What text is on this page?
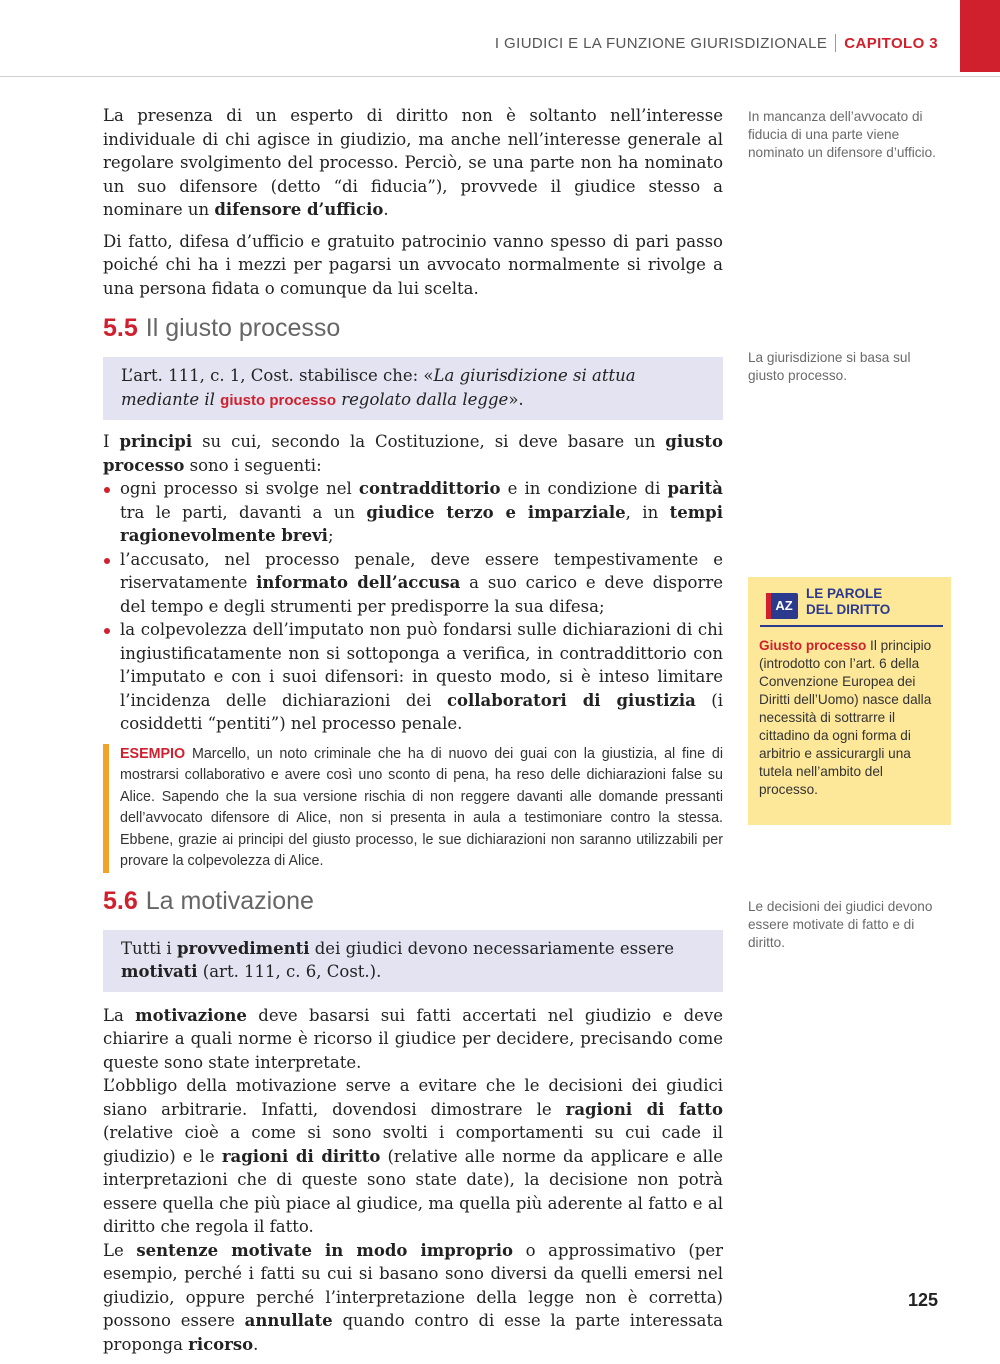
I GIUDICI E LA FUNZIONE GIURISDIZIONALE CAPITOLO 3

La presenza di un esperto di diritto non è soltanto nell’interesse individuale di chi agisce in giudizio, ma anche nell’interesse generale al regolare svolgimento del processo. Perciò, se una parte non ha nominato un suo difensore (detto “di fiducia”), provvede il giudice stesso a nominare un difensore d’ufficio.

Di fatto, difesa d’ufficio e gratuito patrocinio vanno spesso di pari passo poiché chi ha i mezzi per pagarsi un avvocato normalmente si rivolge a una persona fidata o comunque da lui scelta.

5.5 Il giusto processo
L’art. 111, c. 1, Cost. stabilisce che: «La giurisdizione si attua mediante il giusto processo regolato dalla legge».

I principi su cui, secondo la Costituzione, si deve basare un giusto processo sono i seguenti:

ogni processo si svolge nel contraddittorio e in condizione di parità tra le parti, davanti a un giudice terzo e imparziale, in tempi ragionevolmente brevi;
l’accusato, nel processo penale, deve essere tempestivamente e riservatamente informato dell’accusa a suo carico e deve disporre del tempo e degli strumenti per predisporre la sua difesa;
la colpevolezza dell’imputato non può fondarsi sulle dichiarazioni di chi ingiustificatamente non si sottoponga a verifica, in contraddittorio con l’imputato e con i suoi difensori: in questo modo, si è inteso limitare l’incidenza delle dichiarazioni dei collaboratori di giustizia (i cosiddetti “pentiti”) nel processo penale.
ESEMPIO Marcello, un noto criminale che ha di nuovo dei guai con la giustizia, al fine di mostrarsi collaborativo e avere così uno sconto di pena, ha reso delle dichiarazioni false su Alice. Sapendo che la sua versione rischia di non reggere davanti alle domande pressanti dell’avvocato difensore di Alice, non si presenta in aula a testimoniare contro la stessa. Ebbene, grazie ai principi del giusto processo, le sue dichiarazioni non saranno utilizzabili per provare la colpevolezza di Alice.
5.6 La motivazione
Tutti i provvedimenti dei giudici devono necessariamente essere motivati (art. 111, c. 6, Cost.).

La motivazione deve basarsi sui fatti accertati nel giudizio e deve chiarire a quali norme è ricorso il giudice per decidere, precisando come queste sono state interpretate.

L’obbligo della motivazione serve a evitare che le decisioni dei giudici siano arbitrarie. Infatti, dovendosi dimostrare le ragioni di fatto (relative cioè a come si sono svolti i comportamenti su cui cade il giudizio) e le ragioni di diritto (relative alle norme da applicare e alle interpretazioni che di queste sono state date), la decisione non potrà essere quella che più piace al giudice, ma quella più aderente al fatto e al diritto che regola il fatto.

Le sentenze motivate in modo improprio o approssimativo (per esempio, perché i fatti su cui si basano sono diversi da quelli emersi nel giudizio, oppure perché l’interpretazione della legge non è corretta) possono essere annullate quando contro di esse la parte interessata proponga ricorso.

In mancanza dell’avvocato di fiducia di una parte viene nominato un difensore d’ufficio.
La giurisdizione si basa sul giusto processo.
Le decisioni dei giudici devono essere motivate di fatto e di diritto.
AZ
LE PAROLE
DEL DIRITTO
Giusto processo Il principio (introdotto con l’art. 6 della Convenzione Europea dei Diritti dell’Uomo) nasce dalla necessità di sottrarre il cittadino da ogni forma di arbitrio e assicurargli una tutela nell’ambito del processo.
125
